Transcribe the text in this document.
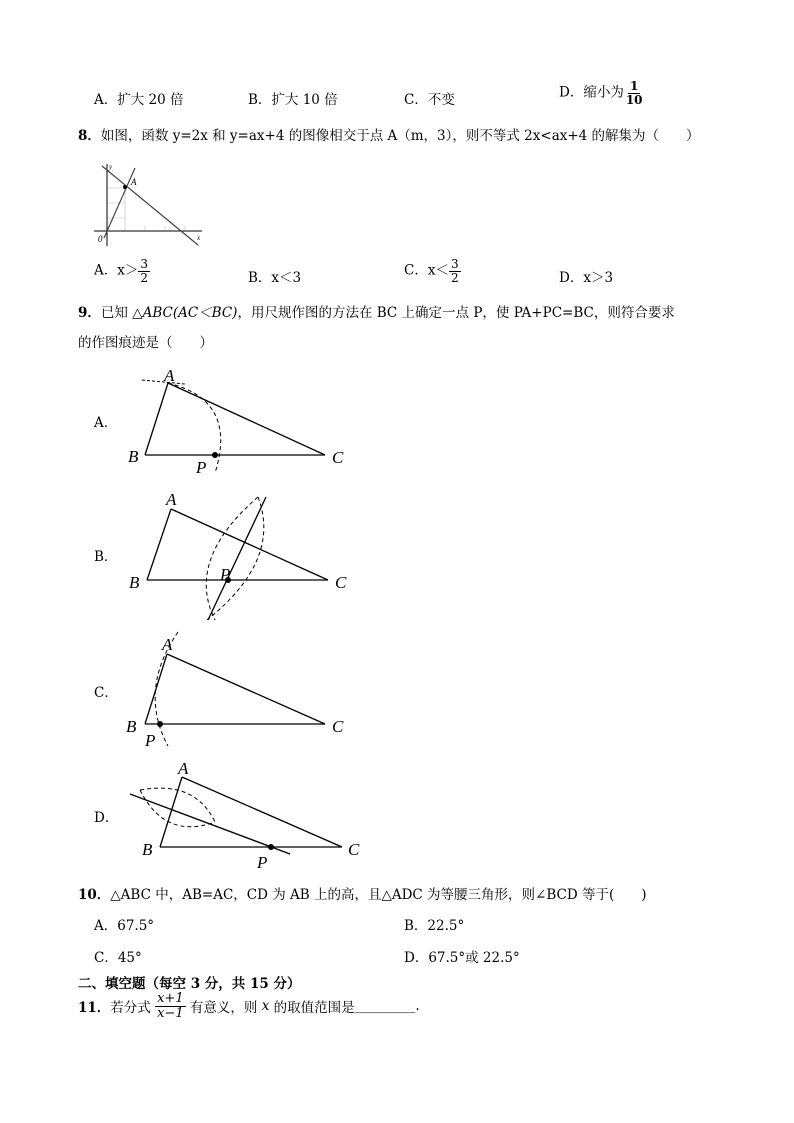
A．扩大 20 倍	B．扩大 10 倍	C．不变	D．缩小为 $\frac{1}{10}$
8．如图，函数 y=2x 和 y=ax+4 的图像相交于点 A（m，3），则不等式 2x<ax+4 的解集为（　　）
A
y
x
0
A．$x> \frac{3}{2}$	B．x＜3	C．$x< \frac{3}{2}$	D．x＞3
9．已知 △ABC(AC＜BC)，用尺规作图的方法在 BC 上确定一点 P，使 PA+PC=BC，则符合要求
的作图痕迹是（　　）
A．
B．
C．
D．
A
B	C
P
A
B	C
P
A
B	C
P
A
B	C
P
10．△ABC 中，AB=AC，CD 为 AB 上的高，且△ADC 为等腰三角形，则∠BCD 等于(　　)
A．67.5°	B．22.5°
C．45°	D．67.5°或 22.5°
二、填空题（每空 3 分，共 15 分）
11．若分式 $\frac{x+1}{x-1}$ 有意义，则 x 的取值范围是_________.
